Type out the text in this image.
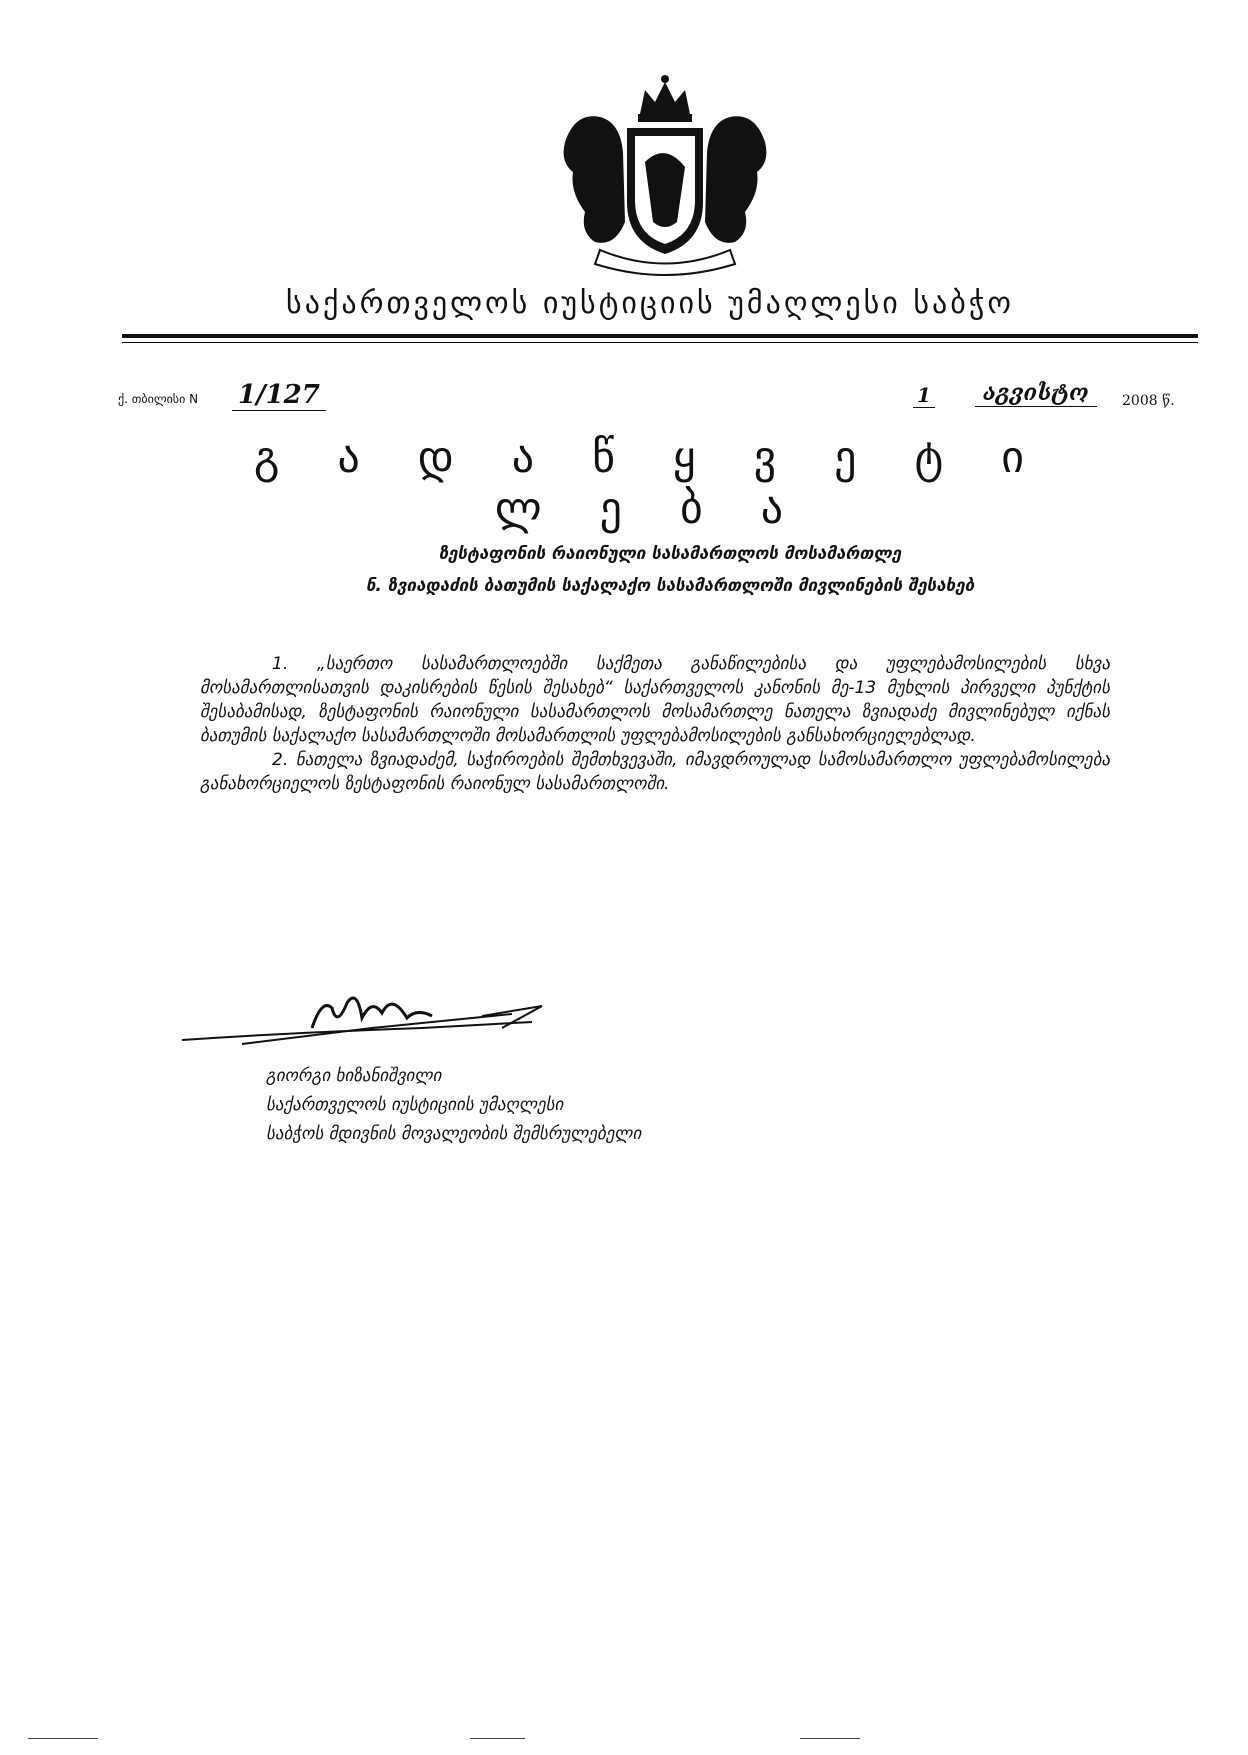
საქართველოს იუსტიციის უმაღლესი საბჭო
ქ. თბილისი N 1/127	1	აგვისტო	2008 წ.
გ ა დ ა წ ყ ვ ე ტ ი ლ ე ბ ა
ზესტაფონის რაიონული სასამართლოს მოსამართლე
ნ. ზვიადაძის ბათუმის საქალაქო სასამართლოში მივლინების შესახებ

1. „საერთო სასამართლოებში საქმეთა განაწილებისა და უფლებამოსილების სხვა მოსამართლისათვის დაკისრების წესის შესახებ“ საქართველოს კანონის მე-13 მუხლის პირველი პუნქტის შესაბამისად, ზესტაფონის რაიონული სასამართლოს მოსამართლე ნათელა ზვიადაძე მივლინებულ იქნას ბათუმის საქალაქო სასამართლოში მოსამართლის უფლებამოსილების განსახორციელებლად.

2. ნათელა ზვიადაძემ, საჭიროების შემთხვევაში, იმავდროულად სამოსამართლო უფლებამოსილება განახორციელოს ზესტაფონის რაიონულ სასამართლოში.

გიორგი ხიზანიშვილი
საქართველოს იუსტიციის უმაღლესი
საბჭოს მდივნის მოვალეობის შემსრულებელი
